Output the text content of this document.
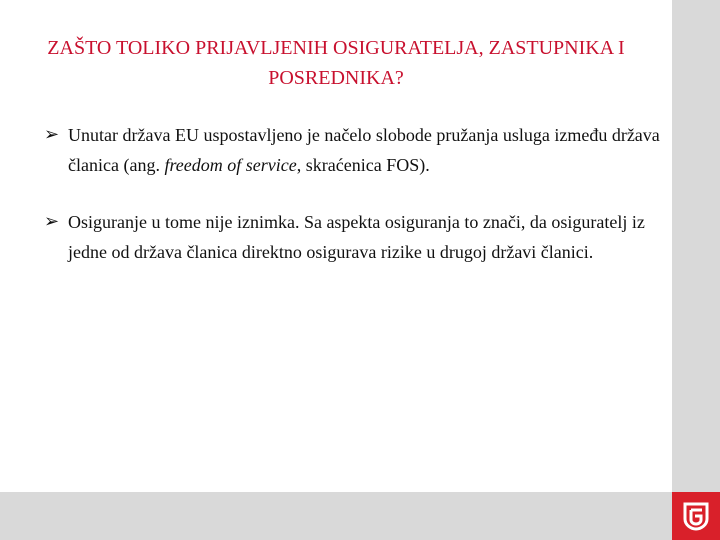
ZAŠTO TOLIKO PRIJAVLJENIH OSIGURATELJA, ZASTUPNIKA I
POSREDNIKA?
➢ Unutar država EU uspostavljeno je načelo slobode pružanja usluga između država članica (ang. freedom of service, skraćenica FOS).
➢ Osiguranje u tome nije iznimka. Sa aspekta osiguranja to znači, da osiguratelj iz jedne od država članica direktno osigurava rizike u drugoj državi članici.
